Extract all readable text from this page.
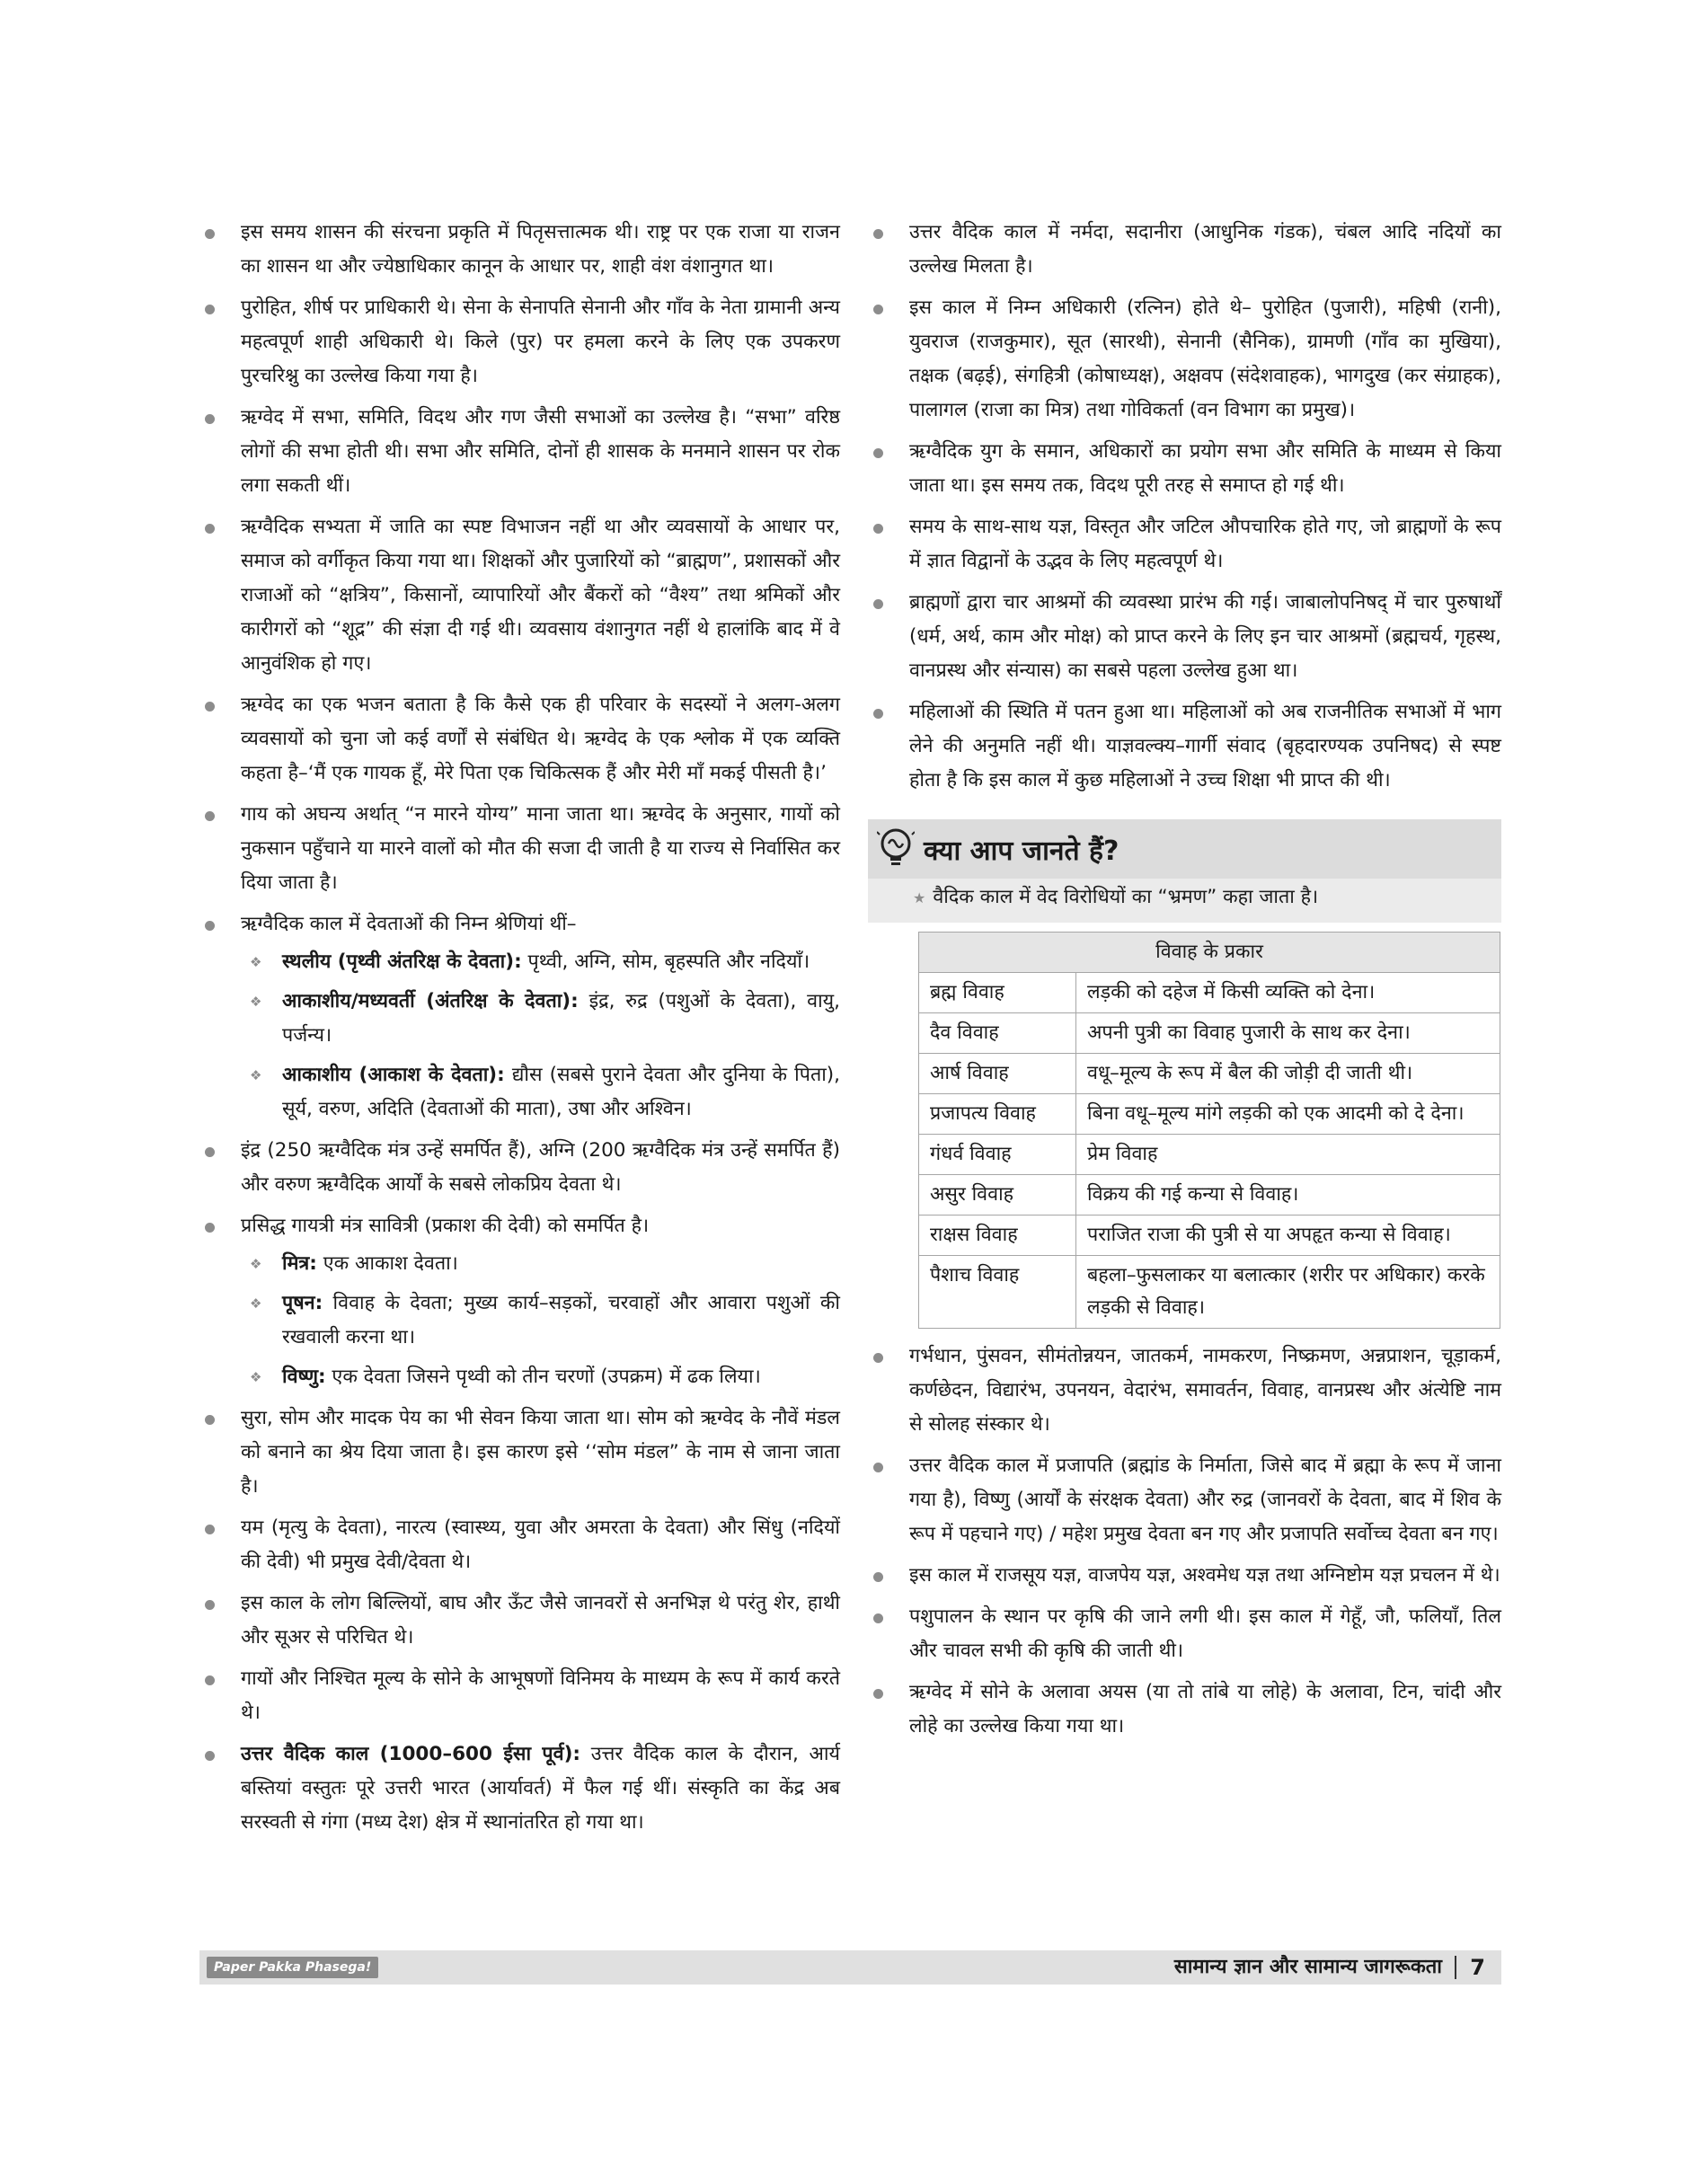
इस समय शासन की संरचना प्रकृति में पितृसत्तात्मक थी। राष्ट्र पर एक राजा या राजन का शासन था और ज्येष्ठाधिकार कानून के आधार पर, शाही वंश वंशानुगत था।
पुरोहित, शीर्ष पर प्राधिकारी थे। सेना के सेनापति सेनानी और गाँव के नेता ग्रामानी अन्य महत्वपूर्ण शाही अधिकारी थे। किले (पुर) पर हमला करने के लिए एक उपकरण पुरचरिश्नु का उल्लेख किया गया है।
ऋग्वेद में सभा, समिति, विदथ और गण जैसी सभाओं का उल्लेख है। “सभा” वरिष्ठ लोगों की सभा होती थी। सभा और समिति, दोनों ही शासक के मनमाने शासन पर रोक लगा सकती थीं।
ऋग्वैदिक सभ्यता में जाति का स्पष्ट विभाजन नहीं था और व्यवसायों के आधार पर, समाज को वर्गीकृत किया गया था। शिक्षकों और पुजारियों को “ब्राह्मण”, प्रशासकों और राजाओं को “क्षत्रिय”, किसानों, व्यापारियों और बैंकरों को “वैश्य” तथा श्रमिकों और कारीगरों को “शूद्र” की संज्ञा दी गई थी। व्यवसाय वंशानुगत नहीं थे हालांकि बाद में वे आनुवंशिक हो गए।
ऋग्वेद का एक भजन बताता है कि कैसे एक ही परिवार के सदस्यों ने अलग-अलग व्यवसायों को चुना जो कई वर्णों से संबंधित थे। ऋग्वेद के एक श्लोक में एक व्यक्ति कहता है–‘मैं एक गायक हूँ, मेरे पिता एक चिकित्सक हैं और मेरी माँ मकई पीसती है।’
गाय को अघन्य अर्थात् “न मारने योग्य” माना जाता था। ऋग्वेद के अनुसार, गायों को नुकसान पहुँचाने या मारने वालों को मौत की सजा दी जाती है या राज्य से निर्वासित कर दिया जाता है।
ऋग्वैदिक काल में देवताओं की निम्न श्रेणियां थीं–
❖ स्थलीय (पृथ्वी अंतरिक्ष के देवता): पृथ्वी, अग्नि, सोम, बृहस्पति और नदियाँ।
❖ आकाशीय/मध्यवर्ती (अंतरिक्ष के देवता): इंद्र, रुद्र (पशुओं के देवता), वायु, पर्जन्य।
❖ आकाशीय (आकाश के देवता): द्यौस (सबसे पुराने देवता और दुनिया के पिता), सूर्य, वरुण, अदिति (देवताओं की माता), उषा और अश्विन।
इंद्र (250 ऋग्वैदिक मंत्र उन्हें समर्पित हैं), अग्नि (200 ऋग्वैदिक मंत्र उन्हें समर्पित हैं) और वरुण ऋग्वैदिक आर्यों के सबसे लोकप्रिय देवता थे।
प्रसिद्ध गायत्री मंत्र सावित्री (प्रकाश की देवी) को समर्पित है।
❖ मित्र: एक आकाश देवता।
❖ पूषन: विवाह के देवता; मुख्य कार्य–सड़कों, चरवाहों और आवारा पशुओं की रखवाली करना था।
❖ विष्णु: एक देवता जिसने पृथ्वी को तीन चरणों (उपक्रम) में ढक लिया।
सुरा, सोम और मादक पेय का भी सेवन किया जाता था। सोम को ऋग्वेद के नौवें मंडल को बनाने का श्रेय दिया जाता है। इस कारण इसे ‘‘सोम मंडल” के नाम से जाना जाता है।
यम (मृत्यु के देवता), नारत्य (स्वास्थ्य, युवा और अमरता के देवता) और सिंधु (नदियों की देवी) भी प्रमुख देवी/देवता थे।
इस काल के लोग बिल्लियों, बाघ और ऊँट जैसे जानवरों से अनभिज्ञ थे परंतु शेर, हाथी और सूअर से परिचित थे।
गायों और निश्चित मूल्य के सोने के आभूषणों विनिमय के माध्यम के रूप में कार्य करते थे।
उत्तर वैदिक काल (1000–600 ईसा पूर्व): उत्तर वैदिक काल के दौरान, आर्य बस्तियां वस्तुतः पूरे उत्तरी भारत (आर्यावर्त) में फैल गई थीं। संस्कृति का केंद्र अब सरस्वती से गंगा (मध्य देश) क्षेत्र में स्थानांतरित हो गया था।
उत्तर वैदिक काल में नर्मदा, सदानीरा (आधुनिक गंडक), चंबल आदि नदियों का उल्लेख मिलता है।
इस काल में निम्न अधिकारी (रत्निन) होते थे– पुरोहित (पुजारी), महिषी (रानी), युवराज (राजकुमार), सूत (सारथी), सेनानी (सैनिक), ग्रामणी (गाँव का मुखिया), तक्षक (बढ़ई), संगहित्री (कोषाध्यक्ष), अक्षवप (संदेशवाहक), भागदुख (कर संग्राहक), पालागल (राजा का मित्र) तथा गोविकर्ता (वन विभाग का प्रमुख)।
ऋग्वैदिक युग के समान, अधिकारों का प्रयोग सभा और समिति के माध्यम से किया जाता था। इस समय तक, विदथ पूरी तरह से समाप्त हो गई थी।
समय के साथ-साथ यज्ञ, विस्तृत और जटिल औपचारिक होते गए, जो ब्राह्मणों के रूप में ज्ञात विद्वानों के उद्भव के लिए महत्वपूर्ण थे।
ब्राह्मणों द्वारा चार आश्रमों की व्यवस्था प्रारंभ की गई। जाबालोपनिषद् में चार पुरुषार्थों (धर्म, अर्थ, काम और मोक्ष) को प्राप्त करने के लिए इन चार आश्रमों (ब्रह्मचर्य, गृहस्थ, वानप्रस्थ और संन्यास) का सबसे पहला उल्लेख हुआ था।
महिलाओं की स्थिति में पतन हुआ था। महिलाओं को अब राजनीतिक सभाओं में भाग लेने की अनुमति नहीं थी। याज्ञवल्क्य–गार्गी संवाद (बृहदारण्यक उपनिषद) से स्पष्ट होता है कि इस काल में कुछ महिलाओं ने उच्च शिक्षा भी प्राप्त की थी।
क्या आप जानते हैं?
★ वैदिक काल में वेद विरोधियों का “भ्रमण” कहा जाता है।
विवाह के प्रकार	
ब्रह्म विवाह	लड़की को दहेज में किसी व्यक्ति को देना।
दैव विवाह	अपनी पुत्री का विवाह पुजारी के साथ कर देना।
आर्ष विवाह	वधू–मूल्य के रूप में बैल की जोड़ी दी जाती थी।
प्रजापत्य विवाह	बिना वधू–मूल्य मांगे लड़की को एक आदमी को दे देना।
गंधर्व विवाह	प्रेम विवाह
असुर विवाह	विक्रय की गई कन्या से विवाह।
राक्षस विवाह	पराजित राजा की पुत्री से या अपहृत कन्या से विवाह।
पैशाच विवाह	बहला–फुसलाकर या बलात्कार (शरीर पर अधिकार) करके लड़की से विवाह।
गर्भधान, पुंसवन, सीमंतोन्नयन, जातकर्म, नामकरण, निष्क्रमण, अन्नप्राशन, चूड़ाकर्म, कर्णछेदन, विद्यारंभ, उपनयन, वेदारंभ, समावर्तन, विवाह, वानप्रस्थ और अंत्येष्टि नाम से सोलह संस्कार थे।
उत्तर वैदिक काल में प्रजापति (ब्रह्मांड के निर्माता, जिसे बाद में ब्रह्मा के रूप में जाना गया है), विष्णु (आर्यों के संरक्षक देवता) और रुद्र (जानवरों के देवता, बाद में शिव के रूप में पहचाने गए) / महेश प्रमुख देवता बन गए और प्रजापति सर्वोच्च देवता बन गए।
इस काल में राजसूय यज्ञ, वाजपेय यज्ञ, अश्वमेध यज्ञ तथा अग्निष्टोम यज्ञ प्रचलन में थे।
पशुपालन के स्थान पर कृषि की जाने लगी थी। इस काल में गेहूँ, जौ, फलियाँ, तिल और चावल सभी की कृषि की जाती थी।
ऋग्वेद में सोने के अलावा अयस (या तो तांबे या लोहे) के अलावा, टिन, चांदी और लोहे का उल्लेख किया गया था।
Paper Pakka Phasega!	सामान्य ज्ञान और सामान्य जागरूकता 7
